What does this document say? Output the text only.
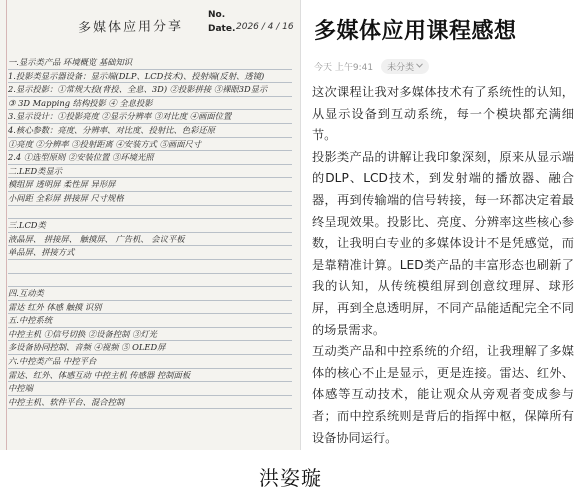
多媒体应用分享
No.
Date. 2026 / 4 / 16
一.显示类产品 环境概览 基础知识
1.投影类显示器设备：显示端(DLP、LCD技术)、投射端(反射、透镜)
2.显示投影：①常规大投(背投、全息、3D) ②投影拼接 ③裸眼3D显示
③ 3D Mapping 结构投影 ④ 全息投影
3.显示设计：①投影亮度 ②显示分辨率 ③对比度 ④画面位置
4.核心参数：亮度、分辨率、对比度、投射比、色彩还原
①亮度 ②分辨率 ③投射距离 ④安装方式 ⑤画面尺寸
2.4 ①选型原则 ②安装位置 ③环境光照
二.LED类显示
模组屏 透明屏 柔性屏 异形屏
小间距 全彩屏 拼接屏 尺寸规格
三.LCD类
液晶屏、 拼接屏、 触摸屏、 广告机、 会议平板
单品屏、拼接方式
四.互动类
雷达 红外 体感 触摸 识别
五.中控系统
中控主机 ①信号切换 ②设备控制 ③灯光
多设备协同控制、音频 ④视频 ⑤ OLED屏
六.中控类产品 中控平台
雷达、红外、体感互动 中控主机 传感器 控制面板
中控端
中控主机、软件平台、混合控制
多媒体应用课程感想
今天 上午9:41 未分类

这次课程让我对多媒体技术有了系统性的认知，从显示设备到互动系统，每一个模块都充满细节。

投影类产品的讲解让我印象深刻，原来从显示端的DLP、LCD技术，到发射端的播放器、融合器，再到传输端的信号转接，每一环都决定着最终呈现效果。投影比、亮度、分辨率这些核心参数，让我明白专业的多媒体设计不是凭感觉，而是靠精准计算。LED类产品的丰富形态也刷新了我的认知，从传统模组屏到创意纹理屏、球形屏，再到全息透明屏，不同产品能适配完全不同的场景需求。

互动类产品和中控系统的介绍，让我理解了多媒体的核心不止是显示，更是连接。雷达、红外、体感等互动技术，能让观众从旁观者变成参与者；而中控系统则是背后的指挥中枢，保障所有设备协同运行。

洪姿璇
